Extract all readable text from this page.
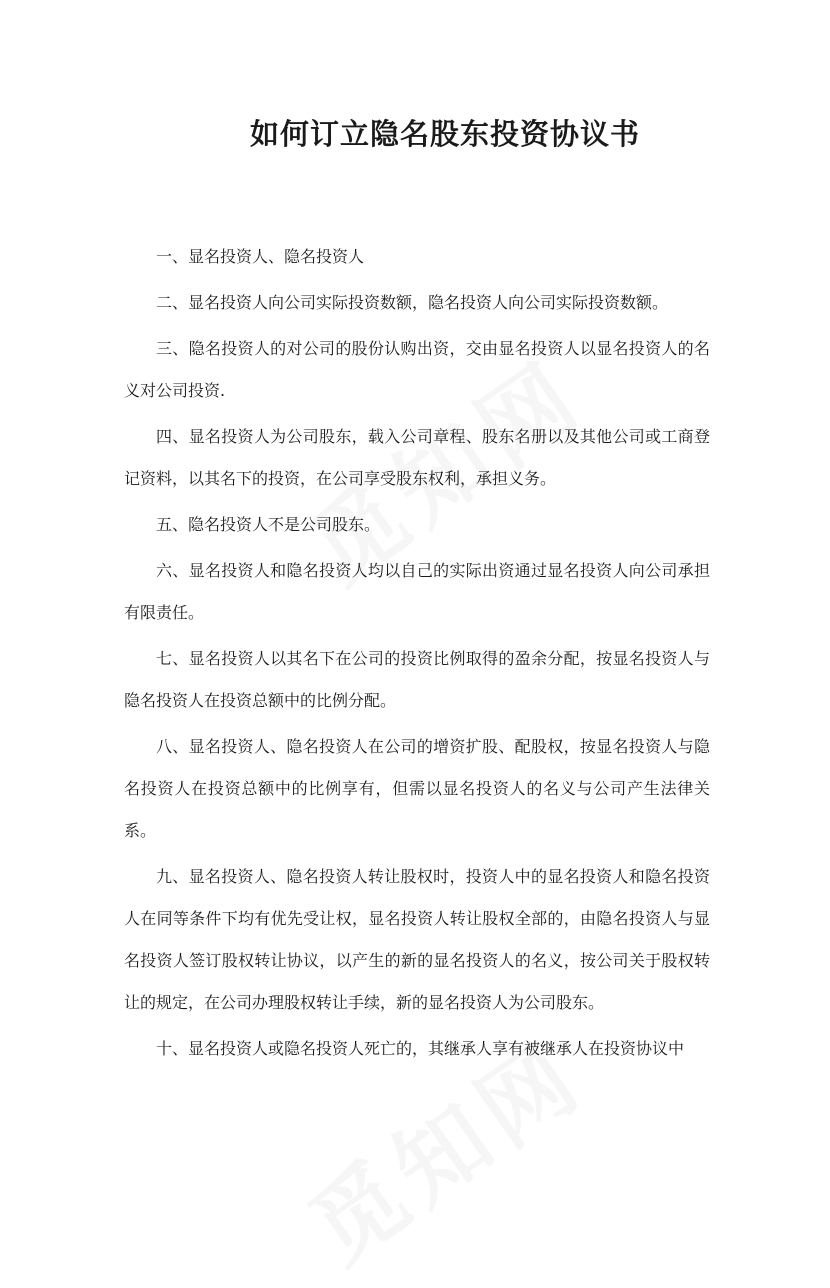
如何订立隐名股东投资协议书

一、显名投资人、隐名投资人

二、显名投资人向公司实际投资数额，隐名投资人向公司实际投资数额。

三、隐名投资人的对公司的股份认购出资，交由显名投资人以显名投资人的名义对公司投资.

四、显名投资人为公司股东，载入公司章程、股东名册以及其他公司或工商登记资料，以其名下的投资，在公司享受股东权利，承担义务。

五、隐名投资人不是公司股东。

六、显名投资人和隐名投资人均以自己的实际出资通过显名投资人向公司承担有限责任。

七、显名投资人以其名下在公司的投资比例取得的盈余分配，按显名投资人与隐名投资人在投资总额中的比例分配。

八、显名投资人、隐名投资人在公司的增资扩股、配股权，按显名投资人与隐名投资人在投资总额中的比例享有，但需以显名投资人的名义与公司产生法律关系。

九、显名投资人、隐名投资人转让股权时，投资人中的显名投资人和隐名投资人在同等条件下均有优先受让权，显名投资人转让股权全部的，由隐名投资人与显名投资人签订股权转让协议，以产生的新的显名投资人的名义，按公司关于股权转让的规定，在公司办理股权转让手续，新的显名投资人为公司股东。

十、显名投资人或隐名投资人死亡的，其继承人享有被继承人在投资协议中
